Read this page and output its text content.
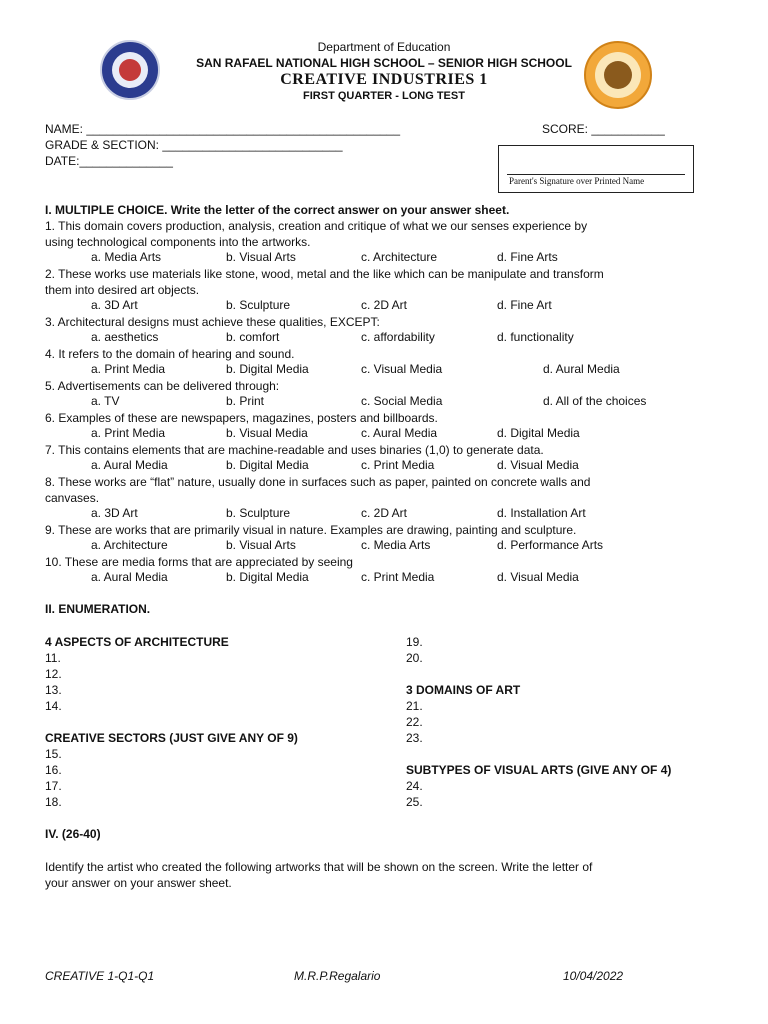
Department of Education
SAN RAFAEL NATIONAL HIGH SCHOOL – SENIOR HIGH SCHOOL
CREATIVE INDUSTRIES 1
FIRST QUARTER - LONG TEST
NAME: _______________________________________________	SCORE: ___________
GRADE & SECTION: ___________________________
DATE:______________
Parent's Signature over Printed Name
I. MULTIPLE CHOICE. Write the letter of the correct answer on your answer sheet.
1. This domain covers production, analysis, creation and critique of what we our senses experience by
using technological components into the artworks.
a. Media Arts	b. Visual Arts	c. Architecture	d. Fine Arts
2. These works use materials like stone, wood, metal and the like which can be manipulate and transform
them into desired art objects.
a. 3D Art	b. Sculpture	c. 2D Art	d. Fine Art
3. Architectural designs must achieve these qualities, EXCEPT:
a. aesthetics	b. comfort	c. affordability	d. functionality
4. It refers to the domain of hearing and sound.
a. Print Media	b. Digital Media	c. Visual Media	d. Aural Media
5. Advertisements can be delivered through:
a. TV	b. Print	c. Social Media	d. All of the choices
6. Examples of these are newspapers, magazines, posters and billboards.
a. Print Media	b. Visual Media	c. Aural Media	d. Digital Media
7. This contains elements that are machine-readable and uses binaries (1,0) to generate data.
a. Aural Media	b. Digital Media	c. Print Media	d. Visual Media
8. These works are “flat” nature, usually done in surfaces such as paper, painted on concrete walls and
canvases.
a. 3D Art	b. Sculpture	c. 2D Art	d. Installation Art
9. These are works that are primarily visual in nature. Examples are drawing, painting and sculpture.
a. Architecture	b. Visual Arts	c. Media Arts	d. Performance Arts
10. These are media forms that are appreciated by seeing
a. Aural Media	b. Digital Media	c. Print Media	d. Visual Media
II. ENUMERATION.
4 ASPECTS OF ARCHITECTURE
11.
12.
13.
14.
CREATIVE SECTORS (JUST GIVE ANY OF 9)
15.
16.
17.
18.
19.
20.
3 DOMAINS OF ART
21.
22.
23.
SUBTYPES OF VISUAL ARTS (GIVE ANY OF 4)
24.
25.
IV. (26-40)
Identify the artist who created the following artworks that will be shown on the screen. Write the letter of
your answer on your answer sheet.
CREATIVE 1-Q1-Q1	M.R.P.Regalario	10/04/2022
